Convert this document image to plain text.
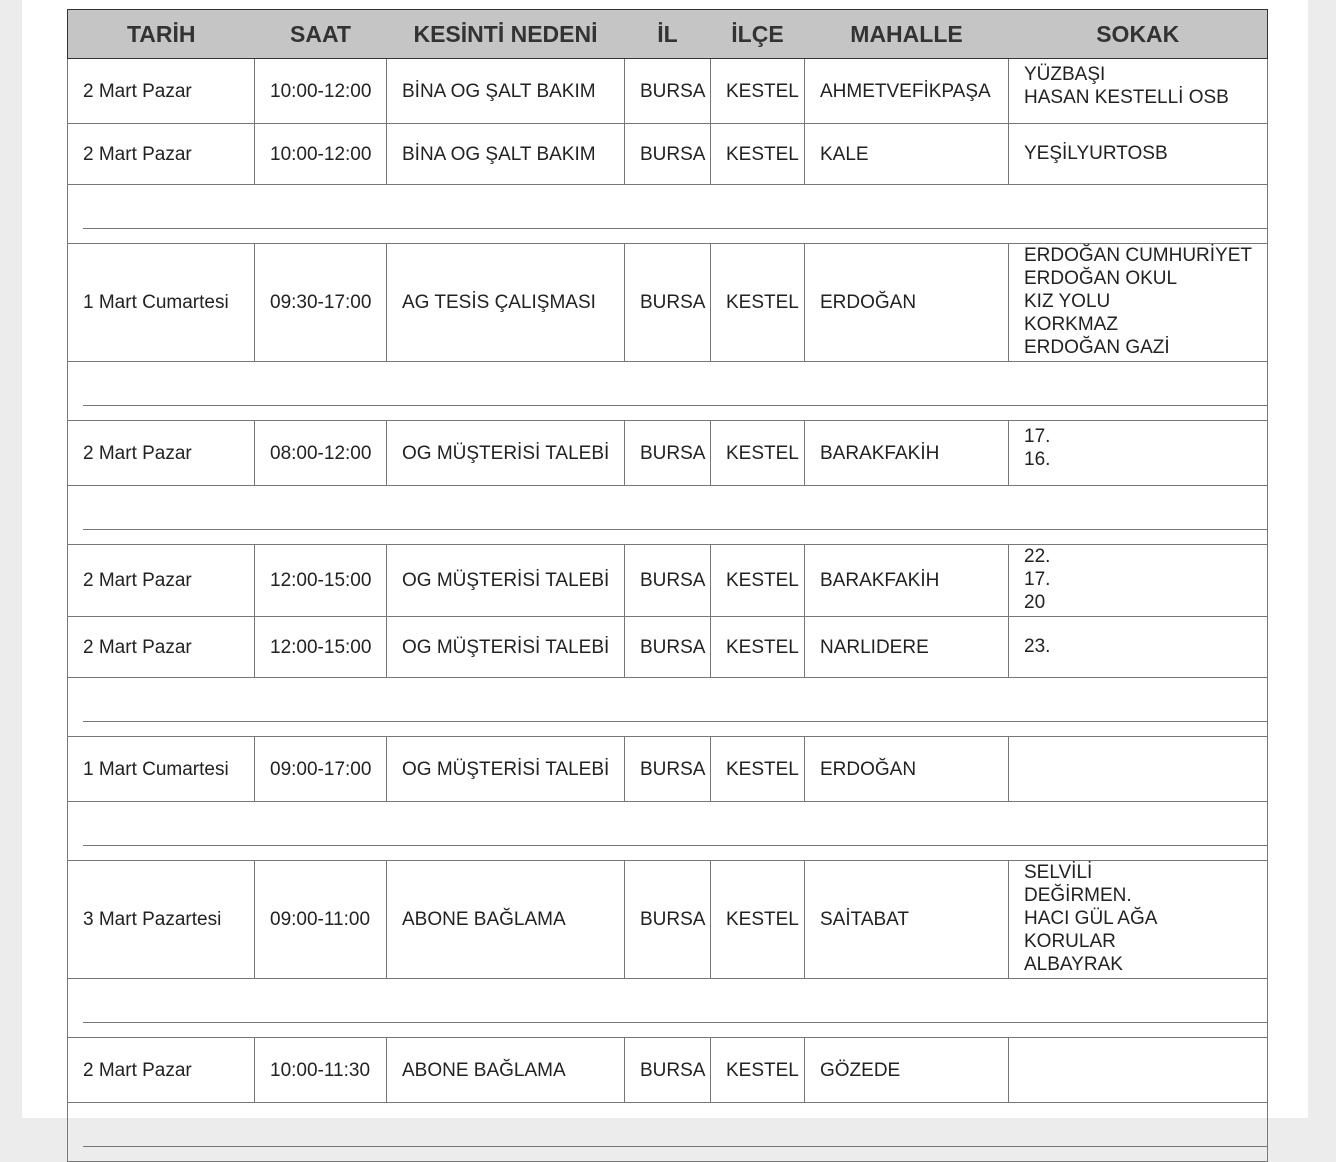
TARİH	SAAT	KESİNTİ NEDENİ	İL	İLÇE	MAHALLE	SOKAK
2 Mart Pazar	10:00-12:00	BİNA OG ŞALT BAKIM	BURSA	KESTEL	AHMETVEFİKPAŞA	YÜZBAŞI
HASAN KESTELLİ OSB

2 Mart Pazar	10:00-12:00	BİNA OG ŞALT BAKIM	BURSA	KESTEL	KALE	YEŞİLYURTOSB

1 Mart Cumartesi	09:30-17:00	AG TESİS ÇALIŞMASI	BURSA	KESTEL	ERDOĞAN	ERDOĞAN CUMHURİYET
ERDOĞAN OKUL
KIZ YOLU
KORKMAZ
ERDOĞAN GAZİ

2 Mart Pazar	08:00-12:00	OG MÜŞTERİSİ TALEBİ	BURSA	KESTEL	BARAKFAKİH	17.
16.

2 Mart Pazar	12:00-15:00	OG MÜŞTERİSİ TALEBİ	BURSA	KESTEL	BARAKFAKİH	22.
17.
20

2 Mart Pazar	12:00-15:00	OG MÜŞTERİSİ TALEBİ	BURSA	KESTEL	NARLIDERE	23.

1 Mart Cumartesi	09:00-17:00	OG MÜŞTERİSİ TALEBİ	BURSA	KESTEL	ERDOĞAN	

3 Mart Pazartesi	09:00-11:00	ABONE BAĞLAMA	BURSA	KESTEL	SAİTABAT	SELVİLİ
DEĞİRMEN.
HACI GÜL AĞA
KORULAR
ALBAYRAK

2 Mart Pazar	10:00-11:30	ABONE BAĞLAMA	BURSA	KESTEL	GÖZEDE	
